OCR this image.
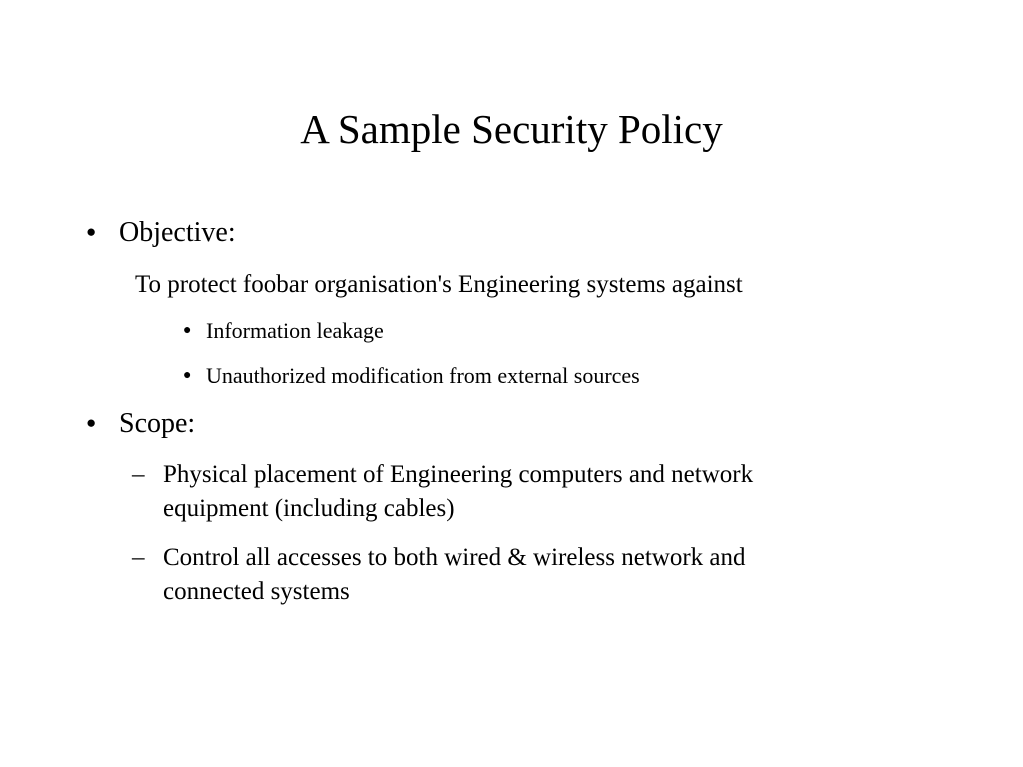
A Sample Security Policy
● Objective:
To protect foobar organisation's Engineering systems against
● Information leakage
● Unauthorized modification from external sources
● Scope:
– Physical placement of Engineering computers and network
equipment (including cables)
– Control all accesses to both wired & wireless network and
connected systems
